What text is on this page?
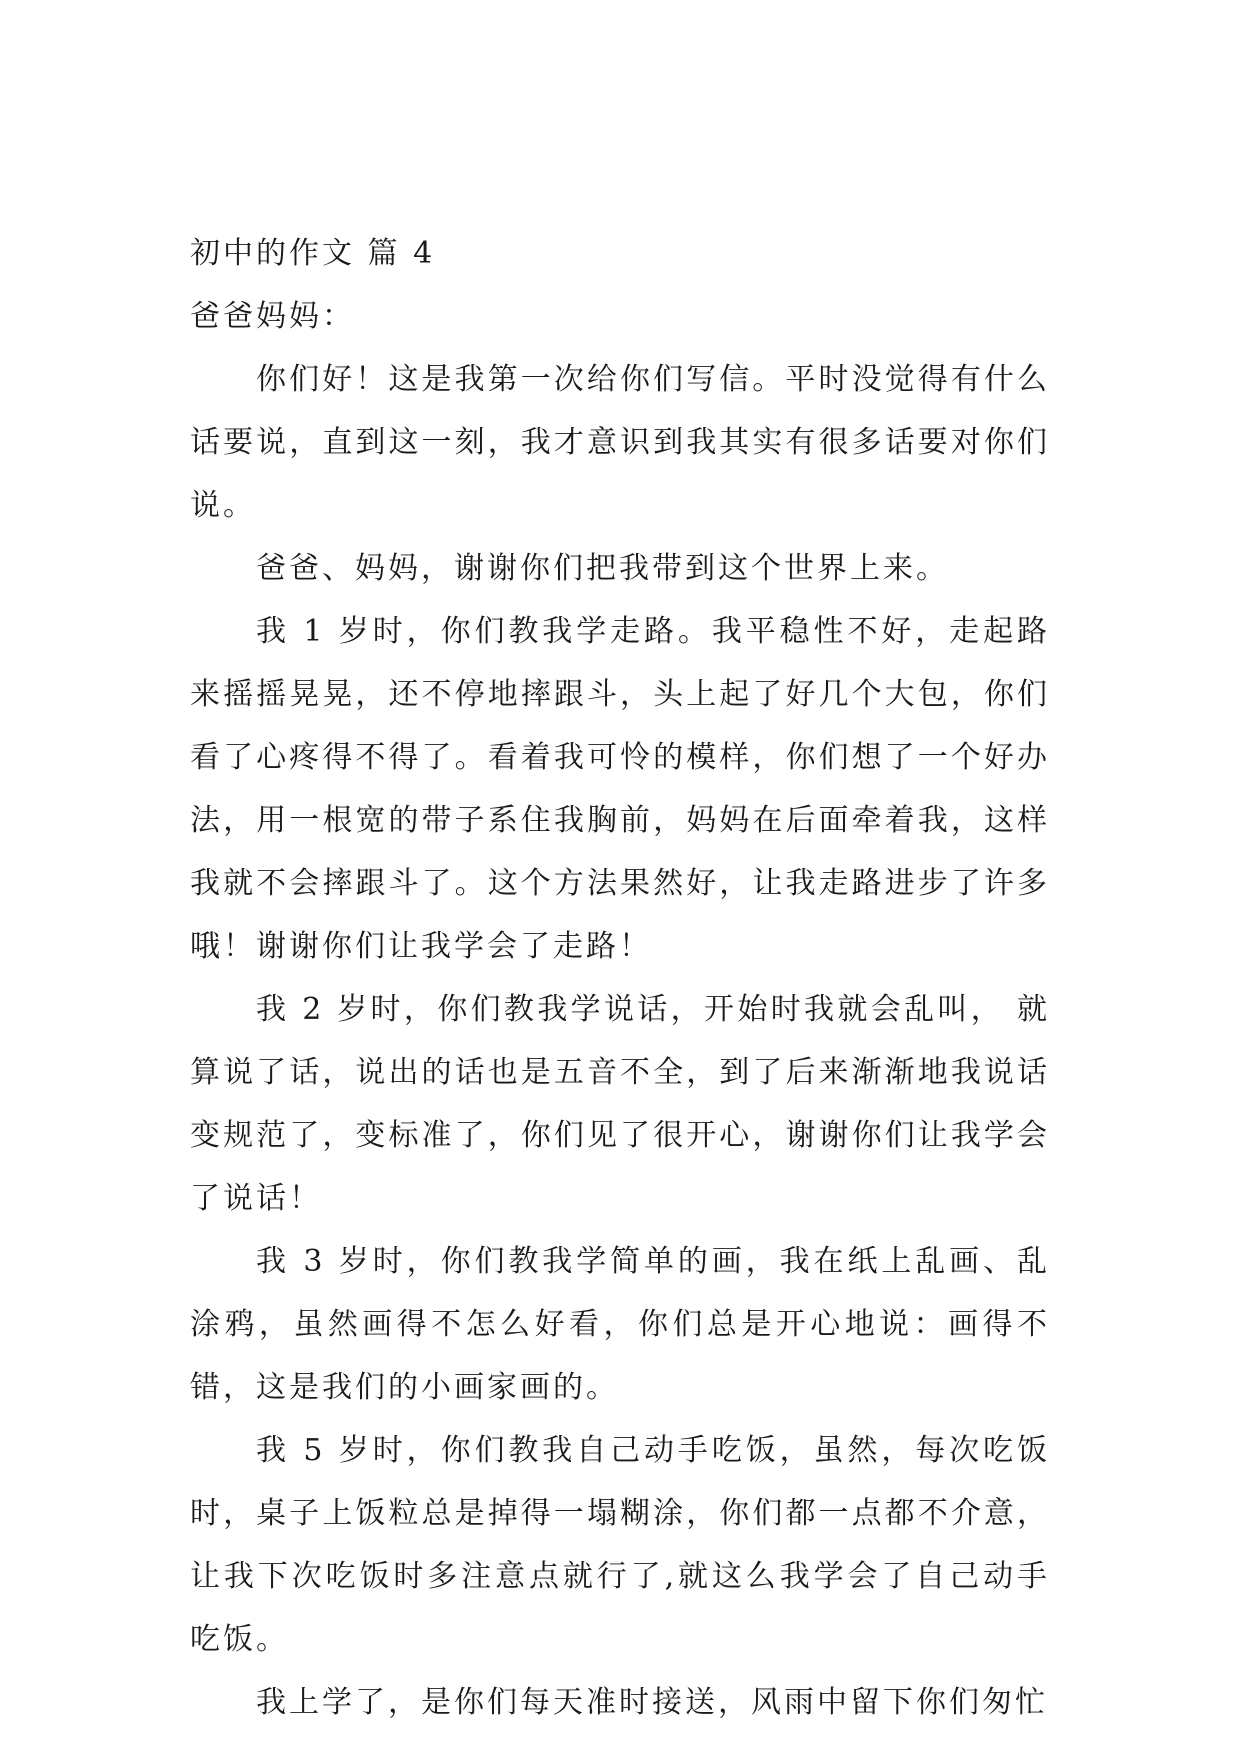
初中的作文 篇 4

爸爸妈妈：

你们好！这是我第一次给你们写信。平时没觉得有什么话要说，直到这一刻，我才意识到我其实有很多话要对你们说。

爸爸、妈妈，谢谢你们把我带到这个世界上来。

我 1 岁时，你们教我学走路。我平稳性不好，走起路来摇摇晃晃，还不停地摔跟斗，头上起了好几个大包，你们看了心疼得不得了。看着我可怜的模样，你们想了一个好办法，用一根宽的带子系住我胸前，妈妈在后面牵着我，这样我就不会摔跟斗了。这个方法果然好，让我走路进步了许多哦！谢谢你们让我学会了走路！

我 2 岁时，你们教我学说话，开始时我就会乱叫， 就算说了话，说出的话也是五音不全，到了后来渐渐地我说话变规范了，变标准了，你们见了很开心，谢谢你们让我学会了说话！

我 3 岁时，你们教我学简单的画，我在纸上乱画、乱涂鸦，虽然画得不怎么好看，你们总是开心地说：画得不错，这是我们的小画家画的。

我 5 岁时，你们教我自己动手吃饭，虽然，每次吃饭时，桌子上饭粒总是掉得一塌糊涂，你们都一点都不介意，让我下次吃饭时多注意点就行了,就这么我学会了自己动手吃饭。

我上学了，是你们每天准时接送，风雨中留下你们匆忙
